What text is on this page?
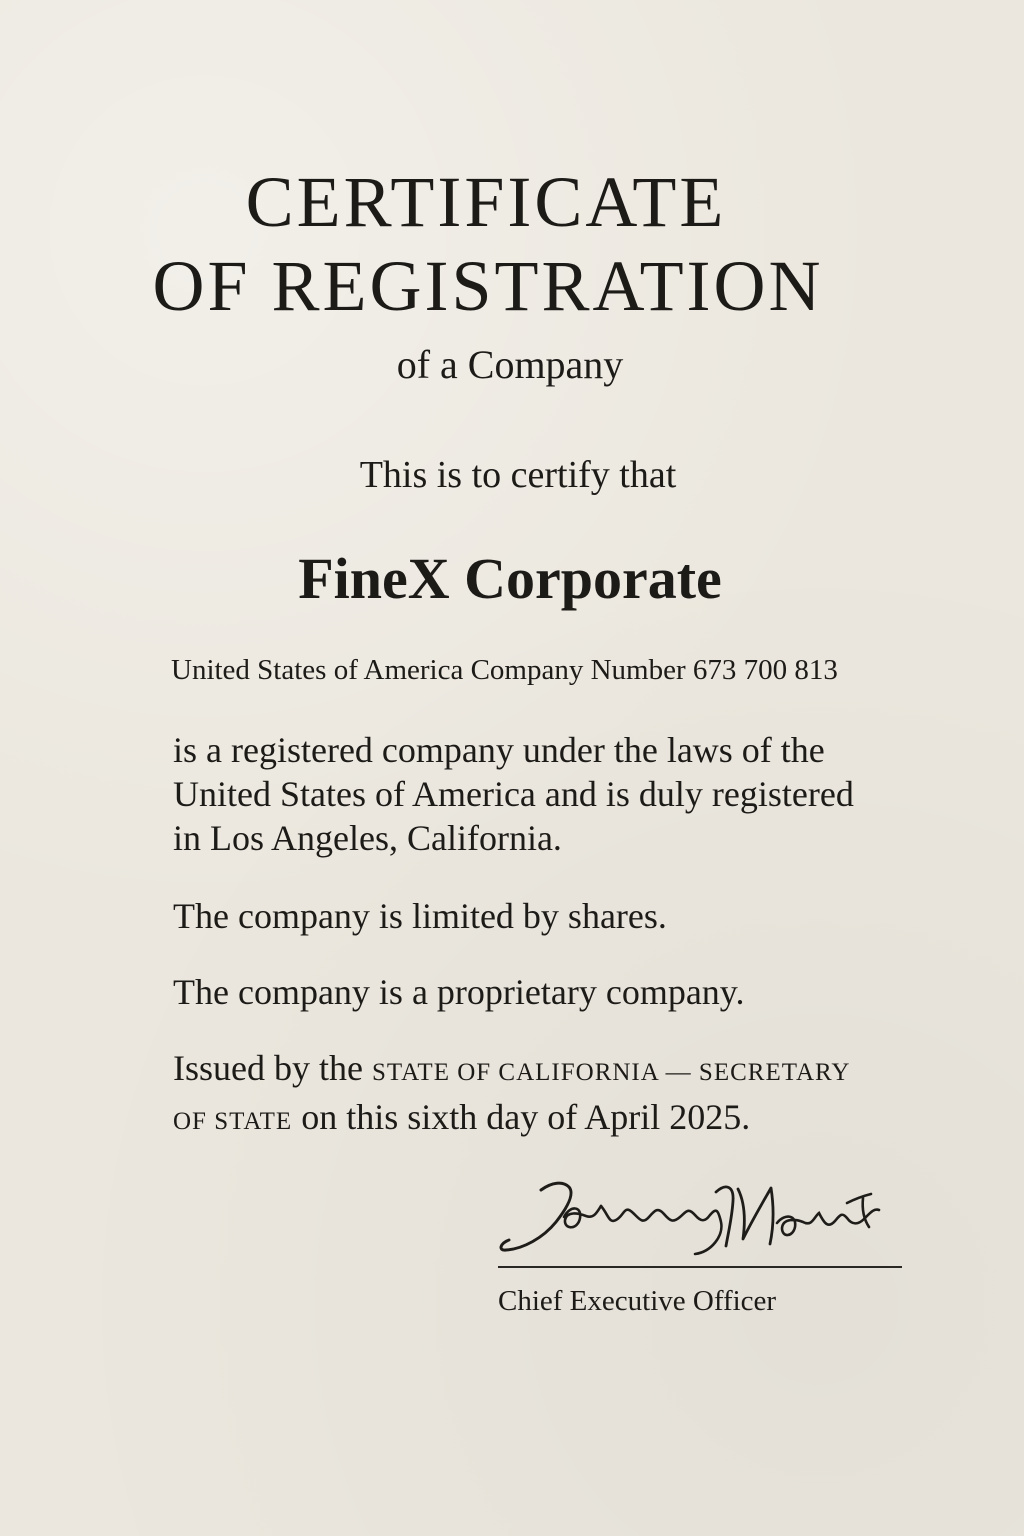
CERTIFICATE
OF REGISTRATION
of a Company
This is to certify that
FineX Corporate
United States of America Company Number 673 700 813
is a registered company under the laws of the
United States of America and is duly registered
in Los Angeles, California.
The company is limited by shares.
The company is a proprietary company.
Issued by the STATE OF CALIFORNIA — SECRETARY
OF STATE on this sixth day of April 2025.
Chief Executive Officer
